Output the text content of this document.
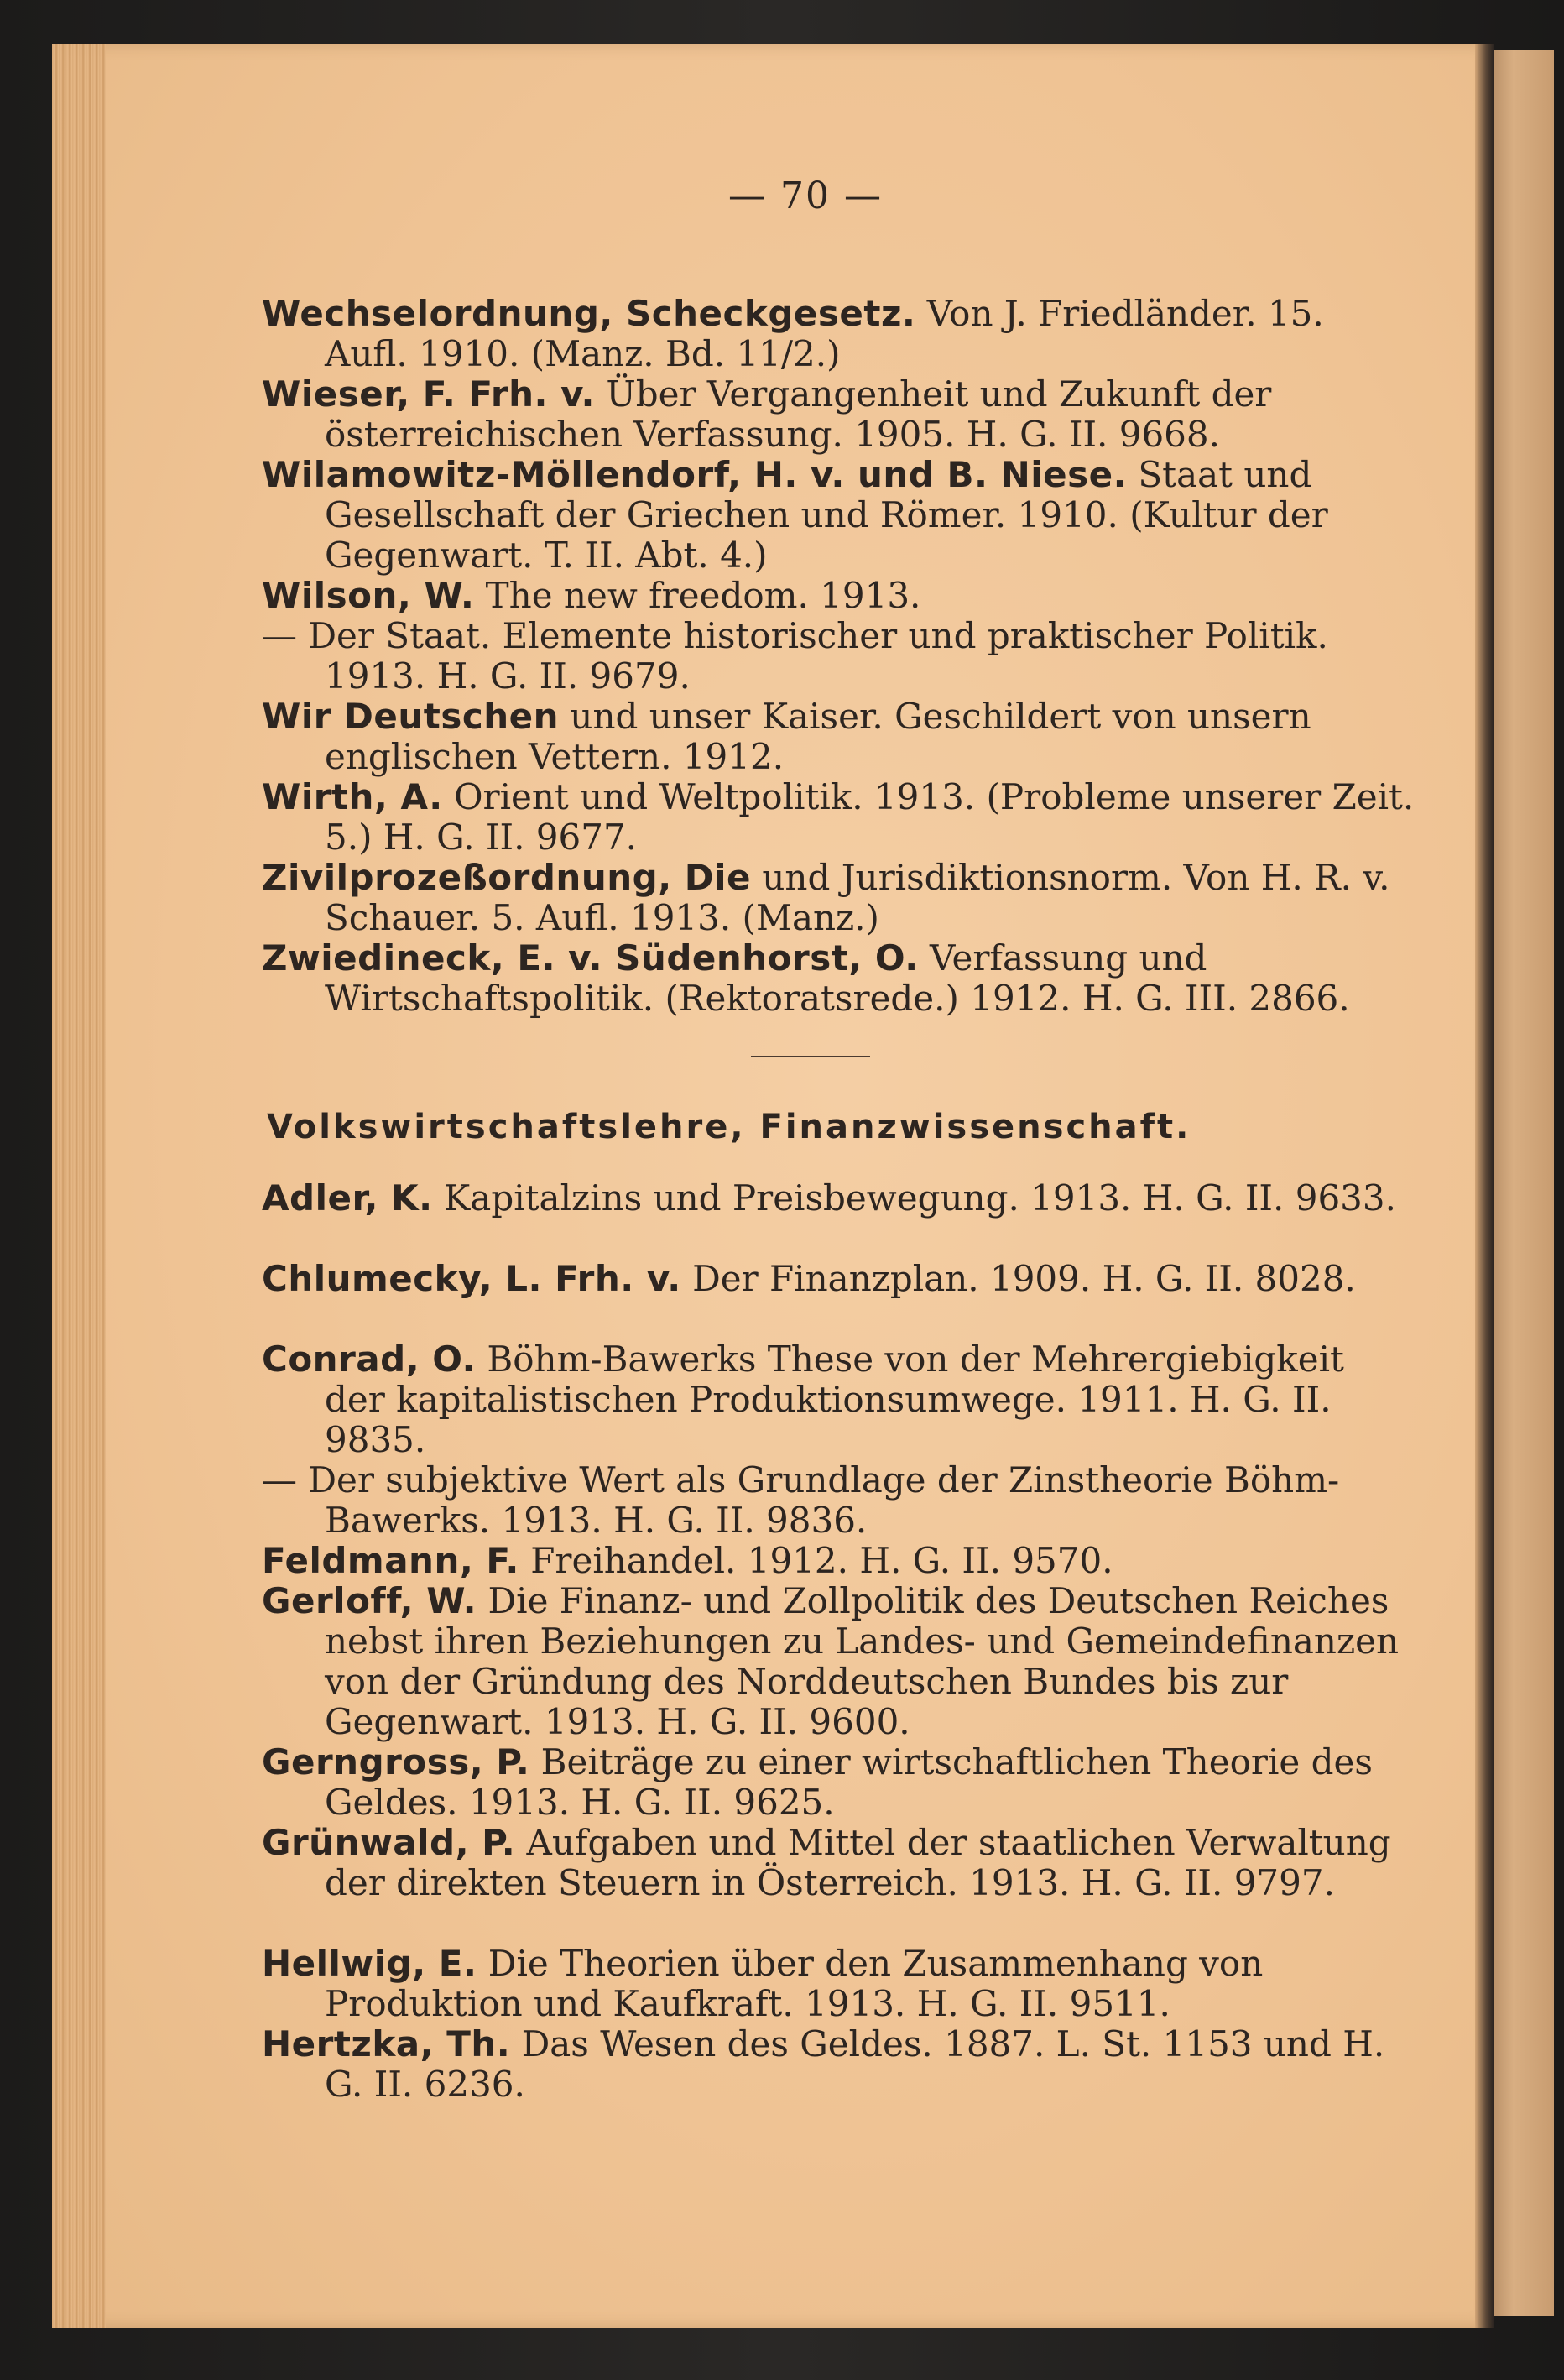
— 70 —
Wechselordnung, Scheckgesetz. Von J. Friedländer. 15. Aufl. 1910. (Manz. Bd. 11/2.)
Wieser, F. Frh. v. Über Vergangenheit und Zukunft der österreichischen Verfassung. 1905. H. G. II. 9668.
Wilamowitz-Möllendorf, H. v. und B. Niese. Staat und Gesellschaft der Griechen und Römer. 1910. (Kultur der Gegenwart. T. II. Abt. 4.)
Wilson, W. The new freedom. 1913.
— Der Staat. Elemente historischer und praktischer Politik. 1913. H. G. II. 9679.
Wir Deutschen und unser Kaiser. Geschildert von unsern englischen Vettern. 1912.
Wirth, A. Orient und Weltpolitik. 1913. (Probleme unserer Zeit. 5.) H. G. II. 9677.
Zivilprozeßordnung, Die und Jurisdiktionsnorm. Von H. R. v. Schauer. 5. Aufl. 1913. (Manz.)
Zwiedineck, E. v. Südenhorst, O. Verfassung und Wirtschaftspolitik. (Rektoratsrede.) 1912. H. G. III. 2866.
Volkswirtschaftslehre, Finanzwissenschaft.
Adler, K. Kapitalzins und Preisbewegung. 1913. H. G. II. 9633.
Chlumecky, L. Frh. v. Der Finanzplan. 1909. H. G. II. 8028.
Conrad, O. Böhm-Bawerks These von der Mehrergiebigkeit der kapitalistischen Produktionsumwege. 1911. H. G. II. 9835.
— Der subjektive Wert als Grundlage der Zinstheorie Böhm-Bawerks. 1913. H. G. II. 9836.
Feldmann, F. Freihandel. 1912. H. G. II. 9570.
Gerloff, W. Die Finanz- und Zollpolitik des Deutschen Reiches nebst ihren Beziehungen zu Landes- und Gemeindefinanzen von der Gründung des Norddeutschen Bundes bis zur Gegenwart. 1913. H. G. II. 9600.
Gerngross, P. Beiträge zu einer wirtschaftlichen Theorie des Geldes. 1913. H. G. II. 9625.
Grünwald, P. Aufgaben und Mittel der staatlichen Verwaltung der direkten Steuern in Österreich. 1913. H. G. II. 9797.
Hellwig, E. Die Theorien über den Zusammenhang von Produktion und Kaufkraft. 1913. H. G. II. 9511.
Hertzka, Th. Das Wesen des Geldes. 1887. L. St. 1153 und H. G. II. 6236.
